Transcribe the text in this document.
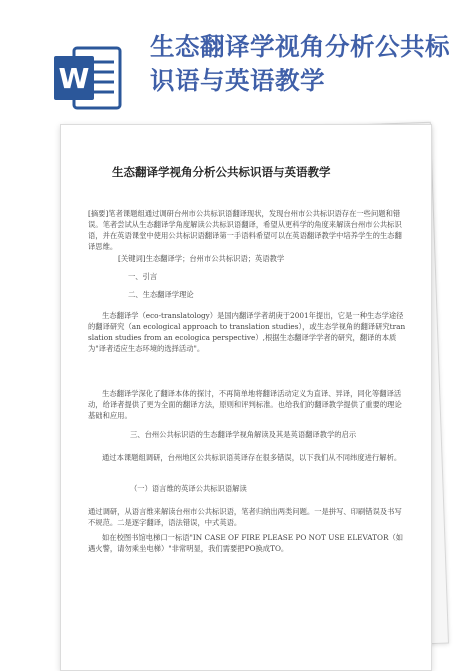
W
生态翻译学视角分析公共标识语与英语教学
生态翻译学视角分析公共标识语与英语教学
[摘要]笔者课题组通过调研台州市公共标识语翻译现状，发现台州市公共标识语存在一些问题和错误。笔者尝试从生态翻译学角度解读公共标识语翻译，希望从更科学的角度来解读台州市公共标识语，并在英语课堂中使用公共标识语翻译第一手语料希望可以在英语翻译教学中培养学生的生态翻译思维。
[关键词]生态翻译学；台州市公共标识语；英语教学
一、引言
二、生态翻译学理论
生态翻译学（eco-translatology）是国内翻译学者胡庚于2001年提出，它是一种生态学途径的翻译研究（an ecological approach to translation studies），或生态学视角的翻译研究translation studies from an ecologica perspective）,根据生态翻译学学者的研究，翻译的本质为"译者适应生态环境的选择活动"。
生态翻译学深化了翻译本体的探讨，不再简单地将翻译活动定义为直译、异译，同化等翻译活动，给译者提供了更为全面的翻译方法，原则和评判标准。也给我们的翻译教学提供了重要的理论基础和应用。
三、台州公共标识语的生态翻译学视角解读及其是英语翻译教学的启示
通过本课题组调研，台州地区公共标识语英译存在很多错误，以下我们从不同纬度进行解析。
（一）语言维的英译公共标识语解读
通过调研，从语言维来解读台州市公共标识语，笔者归纳出两类问题。一是拼写、印刷错误及书写不规范。二是逐字翻译，语法错误，中式英语。
如在校图书馆电梯口一标语"IN CASE OF FIRE PLEASE PO NOT USE ELEVATOR（如遇火警，请勿乘坐电梯）"非常明显，我们需要把PO换成TO。
